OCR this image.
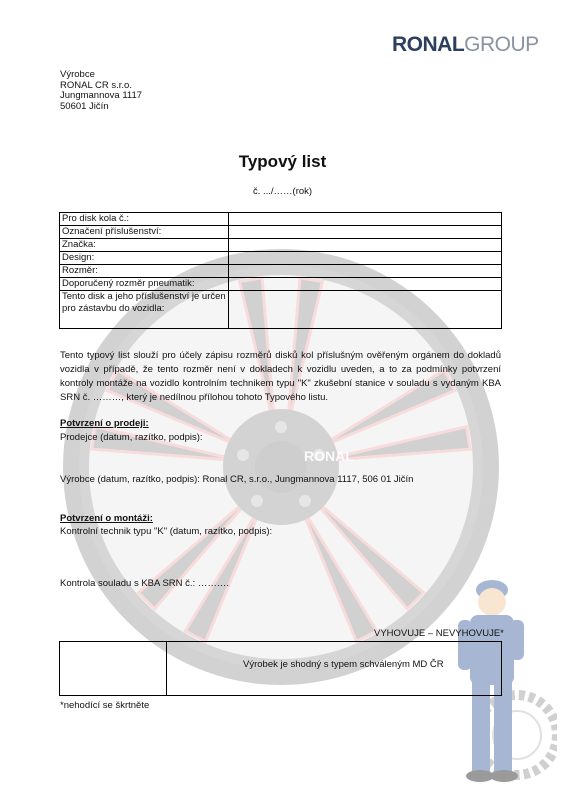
RONAL
RONALGROUP
Výrobce
RONAL CR s.r.o.
Jungmannova 1117
50601 Jičín
Typový list
č. .../……(rok)
Pro disk kola č.:	
Označení příslušenství:	
Značka:	
Design:	
Rozměr:	
Doporučený rozměr pneumatik:	
Tento disk a jeho příslušenství je určen pro zástavbu do vozidla:	
Tento typový list slouží pro účely zápisu rozměrů disků kol příslušným ověřeným orgánem do dokladů vozidla v případě, že tento rozměr není v dokladech k vozidlu uveden, a to za podmínky potvrzení kontroly montáže na vozidlo kontrolním technikem typu "K" zkušební stanice v souladu s vydaným KBA SRN č. ………, který je nedílnou přílohou tohoto Typového listu.
Potvrzení o prodeji:
Prodejce (datum, razítko, podpis):
Výrobce (datum, razítko, podpis): Ronal CR, s.r.o., Jungmannova 1117, 506 01 Jičín
Potvrzení o montáži:
Kontrolní technik typu "K" (datum, razítko, podpis):
Kontrola souladu s KBA SRN č.: ……….
VYHOVUJE – NEVYHOVUJE*
Výrobek je shodný s typem schváleným MD ČR
*nehodící se škrtněte
